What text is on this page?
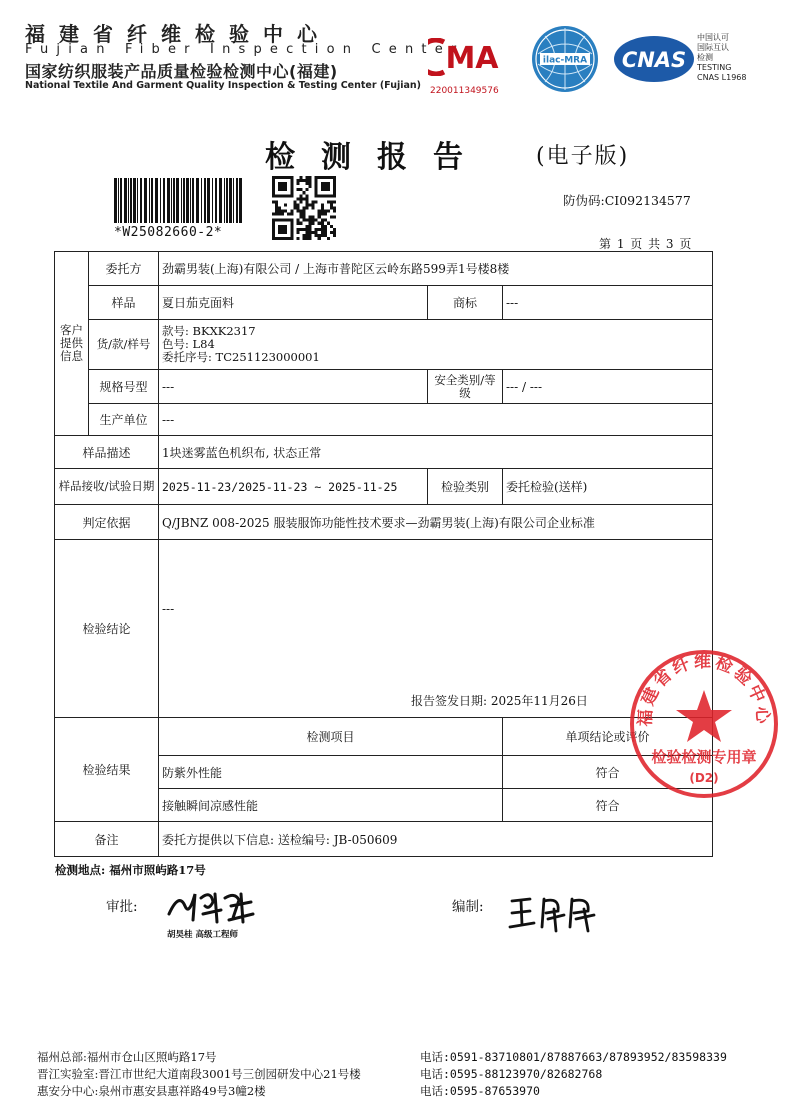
福建省纤维检验中心
Fujian Fiber Inspection Center
国家纺织服装产品质量检验检测中心(福建)
National Textile And Garment Quality Inspection & Testing Center (Fujian)
MA
220011349576
ilac-MRA CNAS
中国认可
国际互认
检测
TESTING
CNAS L1968
检测报告 (电子版)
*W25082660-2*
防伪码:CI092134577
第 1 页 共 3 页
客户提供信息	委托方	劲霸男装(上海)有限公司 / 上海市普陀区云岭东路599弄1号楼8楼		
	样品	夏日茄克面料	商标	---
	货/款/样号	款号: BKXK2317
色号: L84
委托序号: TC251123000001		

	规格号型	---	安全类别/等级	--- / ---
	生产单位	---		
样品描述		1块迷雾蓝色机织布, 状态正常		
样品接收/试验日期		2025-11-23/2025-11-23 ~ 2025-11-25	检验类别	委托检验(送样)
判定依据		Q/JBNZ 008-2025 服装服饰功能性技术要求—劲霸男装(上海)有限公司企业标准		
检验结论		---
报告签发日期: 2025年11月26日		

检验结果		检测项目		单项结论或评价
		防紫外性能		符合
		接触瞬间凉感性能		符合
备注		委托方提供以下信息: 送检编号: JB-050609		
福建省纤维检验中心
检验检测专用章
(D2)
检测地点: 福州市照屿路17号
审批:
胡昊桂 高级工程师
编制:
福州总部:福州市仓山区照屿路17号
晋江实验室:晋江市世纪大道南段3001号三创园研发中心21号楼
惠安分中心:泉州市惠安县惠祥路49号3幢2楼
电话:0591-83710801/87887663/87893952/83598339
电话:0595-88123970/82682768
电话:0595-87653970
